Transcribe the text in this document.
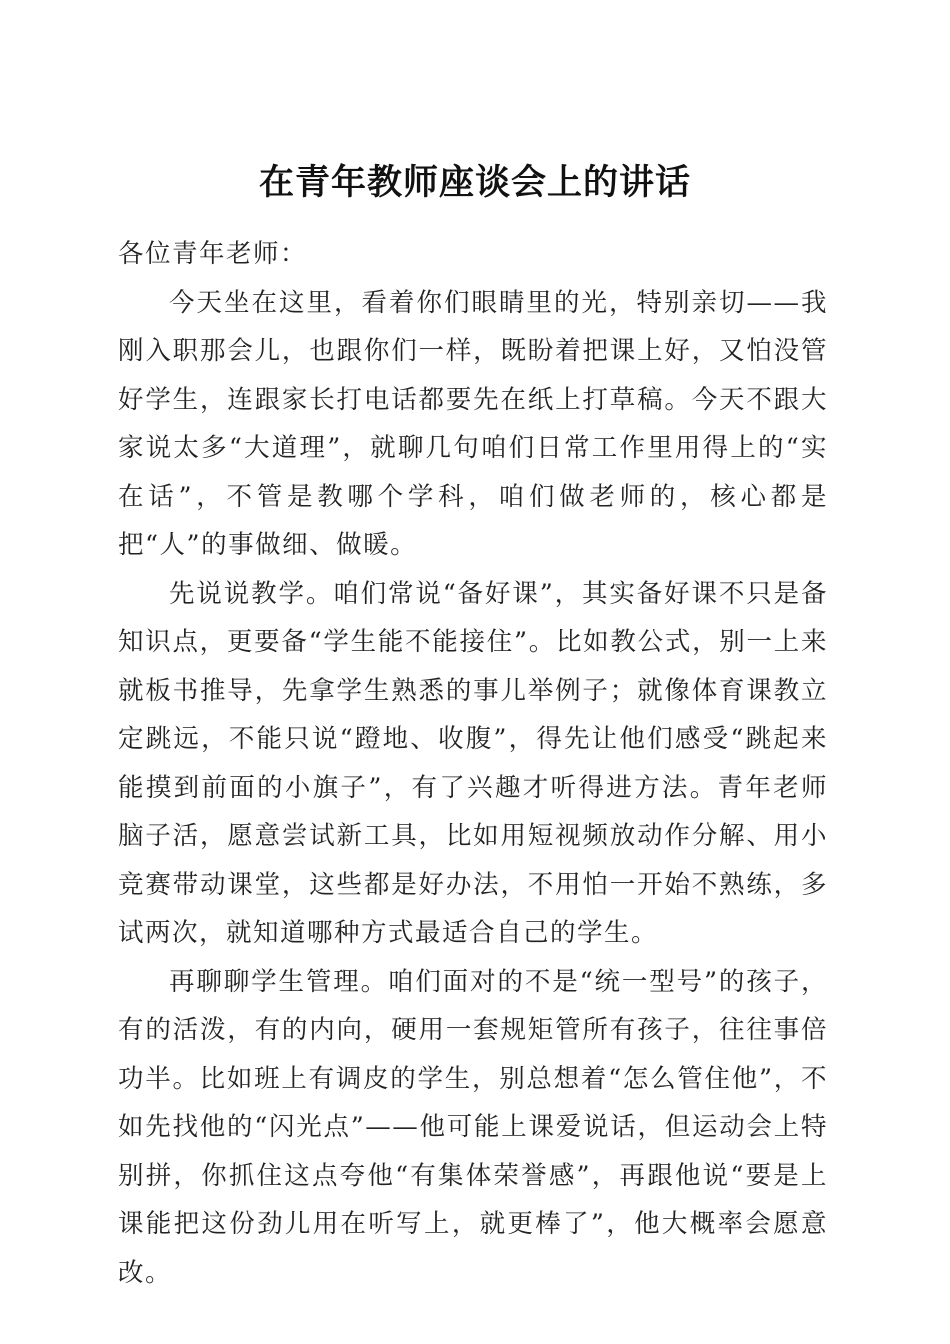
在青年教师座谈会上的讲话

各位青年老师：

今天坐在这里，看着你们眼睛里的光，特别亲切——我刚入职那会儿，也跟你们一样，既盼着把课上好，又怕没管好学生，连跟家长打电话都要先在纸上打草稿。今天不跟大家说太多“大道理”，就聊几句咱们日常工作里用得上的“实在话”，不管是教哪个学科，咱们做老师的，核心都是把“人”的事做细、做暖。

先说说教学。咱们常说“备好课”，其实备好课不只是备知识点，更要备“学生能不能接住”。比如教公式，别一上来就板书推导，先拿学生熟悉的事儿举例子；就像体育课教立定跳远，不能只说“蹬地、收腹”，得先让他们感受“跳起来能摸到前面的小旗子”，有了兴趣才听得进方法。青年老师脑子活，愿意尝试新工具，比如用短视频放动作分解、用小竞赛带动课堂，这些都是好办法，不用怕一开始不熟练，多试两次，就知道哪种方式最适合自己的学生。

再聊聊学生管理。咱们面对的不是“统一型号”的孩子，有的活泼，有的内向，硬用一套规矩管所有孩子，往往事倍功半。比如班上有调皮的学生，别总想着“怎么管住他”，不如先找他的“闪光点”——他可能上课爱说话，但运动会上特别拼，你抓住这点夸他“有集体荣誉感”，再跟他说“要是上课能把这份劲儿用在听写上，就更棒了”，他大概率会愿意改。
